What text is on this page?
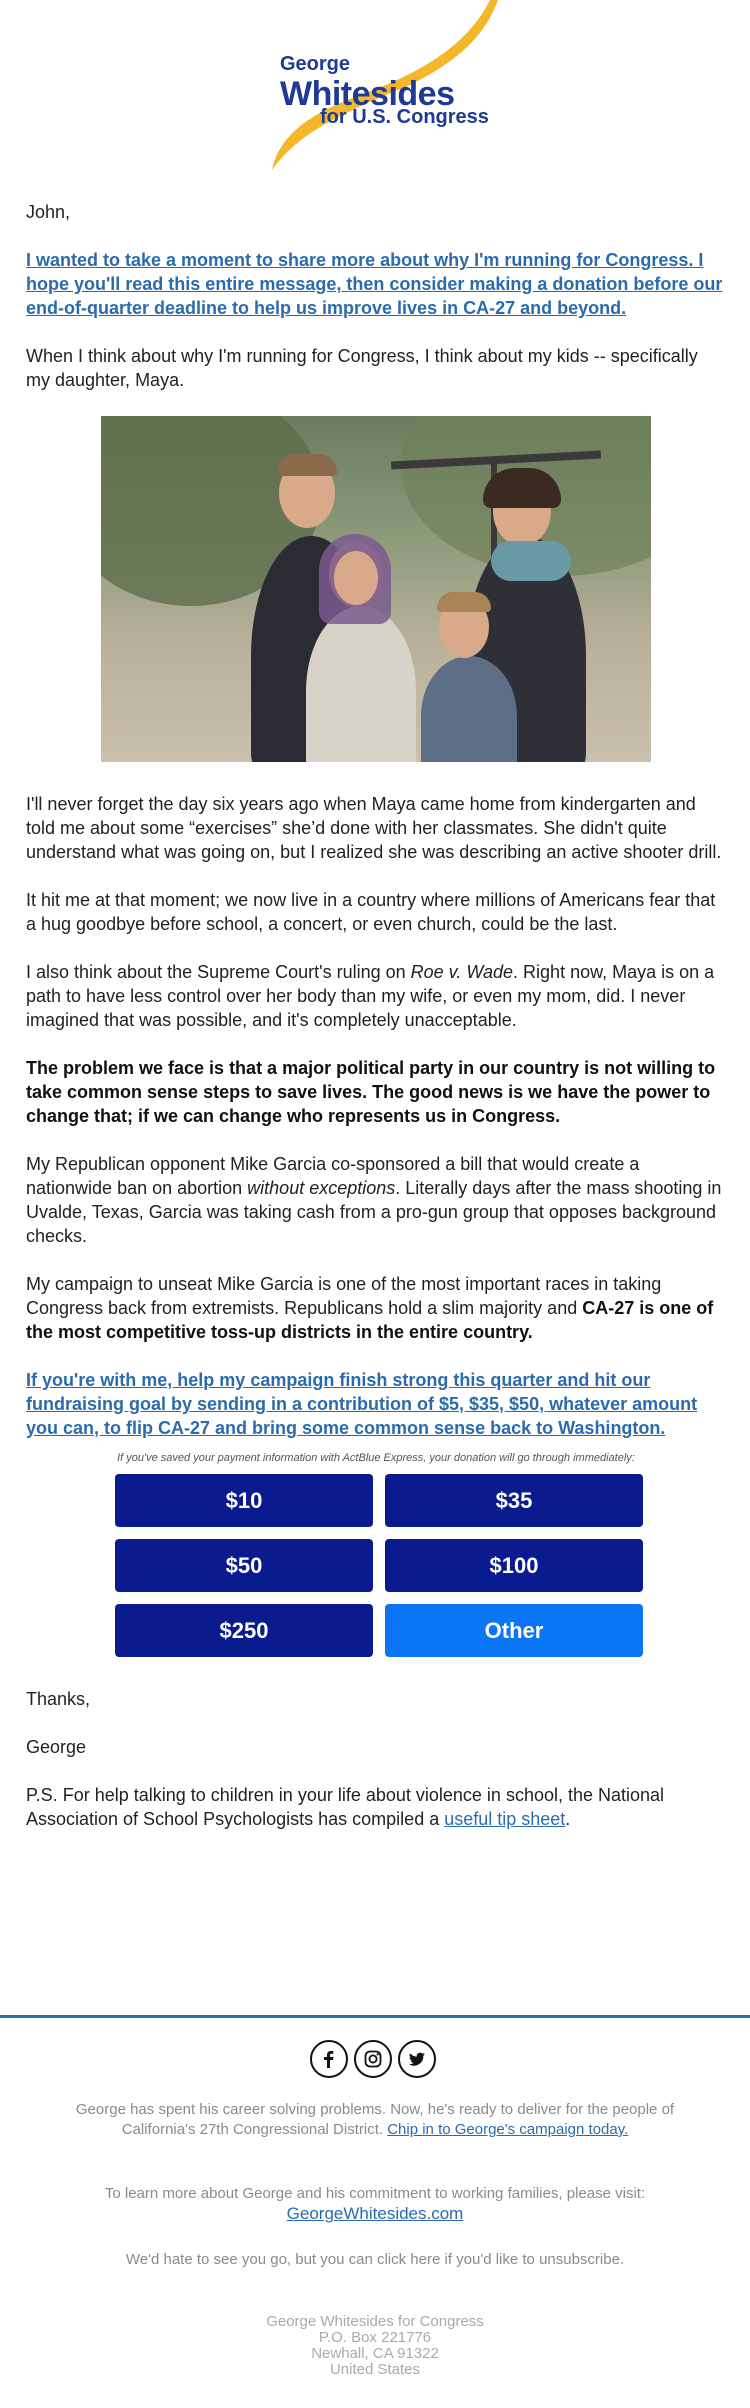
George
Whitesides
for U.S. Congress

John,

I wanted to take a moment to share more about why I'm running for Congress. I hope you'll read this entire message, then consider making a donation before our end-of-quarter deadline to help us improve lives in CA-27 and beyond.

When I think about why I'm running for Congress, I think about my kids -- specifically my daughter, Maya.

I'll never forget the day six years ago when Maya came home from kindergarten and told me about some “exercises” she’d done with her classmates. She didn't quite understand what was going on, but I realized she was describing an active shooter drill.

It hit me at that moment; we now live in a country where millions of Americans fear that a hug goodbye before school, a concert, or even church, could be the last.

I also think about the Supreme Court's ruling on Roe v. Wade. Right now, Maya is on a path to have less control over her body than my wife, or even my mom, did. I never imagined that was possible, and it's completely unacceptable.

The problem we face is that a major political party in our country is not willing to take common sense steps to save lives. The good news is we have the power to change that; if we can change who represents us in Congress.

My Republican opponent Mike Garcia co-sponsored a bill that would create a nationwide ban on abortion without exceptions. Literally days after the mass shooting in Uvalde, Texas, Garcia was taking cash from a pro-gun group that opposes background checks.

My campaign to unseat Mike Garcia is one of the most important races in taking Congress back from extremists. Republicans hold a slim majority and CA-27 is one of the most competitive toss-up districts in the entire country.

If you're with me, help my campaign finish strong this quarter and hit our fundraising goal by sending in a contribution of $5, $35, $50, whatever amount you can, to flip CA-27 and bring some common sense back to Washington.

If you've saved your payment information with ActBlue Express, your donation will go through immediately:

$10	$35
$50	$100
$250	Other

Thanks,

George

P.S. For help talking to children in your life about violence in school, the National Association of School Psychologists has compiled a useful tip sheet.

George has spent his career solving problems. Now, he's ready to deliver for the people of California's 27th Congressional District. Chip in to George's campaign today.
To learn more about George and his commitment to working families, please visit:
GeorgeWhitesides.com
We'd hate to see you go, but you can click here if you'd like to unsubscribe.
George Whitesides for Congress
P.O. Box 221776
Newhall, CA 91322
United States
